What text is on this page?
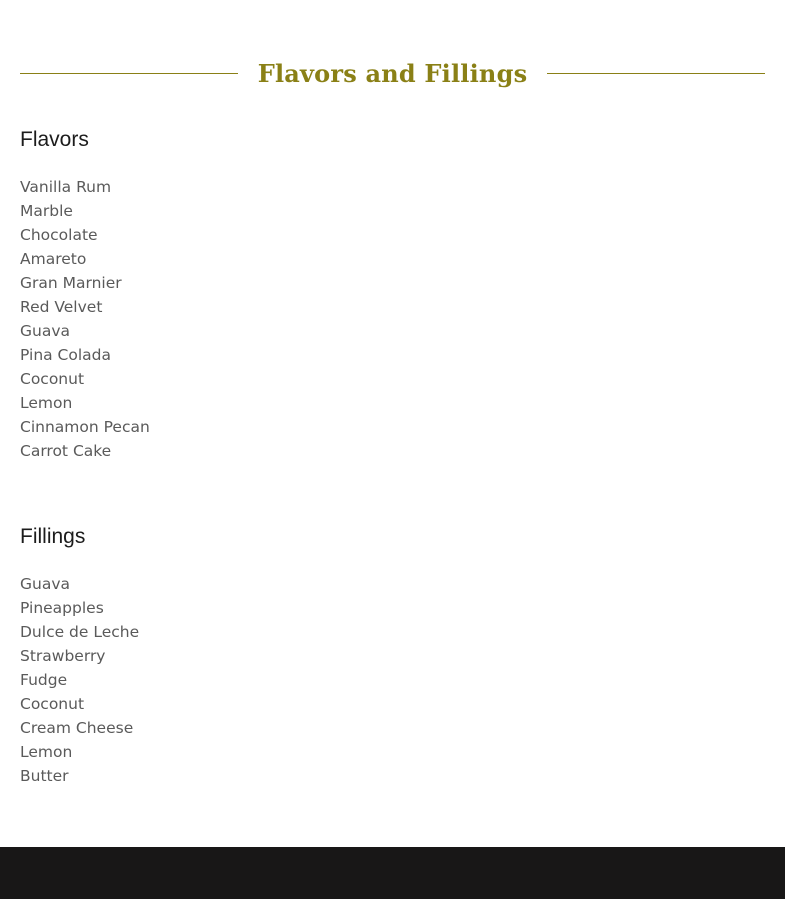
Flavors and Fillings
Flavors
Vanilla Rum
Marble
Chocolate
Amareto
Gran Marnier
Red Velvet
Guava
Pina Colada
Coconut
Lemon
Cinnamon Pecan
Carrot Cake
Fillings
Guava
Pineapples
Dulce de Leche
Strawberry
Fudge
Coconut
Cream Cheese
Lemon
Butter
